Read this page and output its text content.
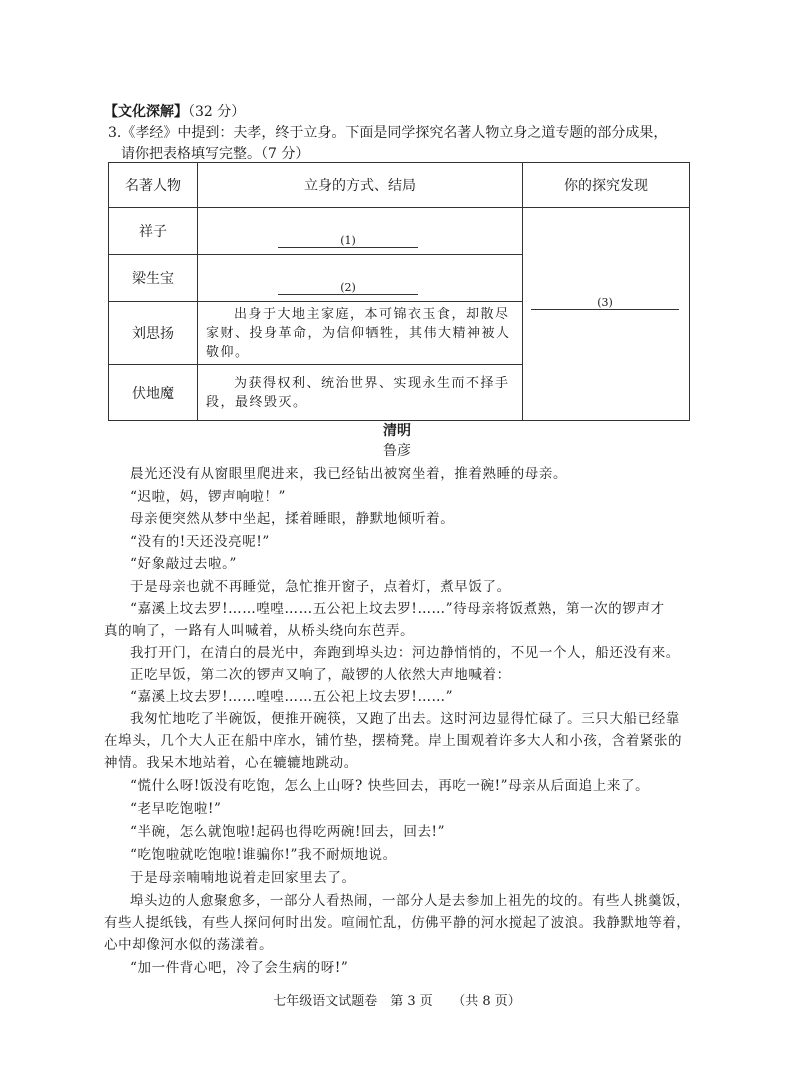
【文化深解】（32 分）
3.《孝经》中提到：夫孝，终于立身。下面是同学探究名著人物立身之道专题的部分成果，
请你把表格填写完整。（7 分）
名著人物	立身的方式、结局	你的探究发现
祥子	(1)	(3)

梁生宝	(2)	

刘思扬	出身于大地主家庭，本可锦衣玉食，却散尽家财、投身革命，为信仰牺牲，其伟大精神被人敬仰。	
伏地魔	为获得权利、统治世界、实现永生而不择手段，最终毁灭。	
清明
鲁彦

晨光还没有从窗眼里爬进来，我已经钻出被窝坐着，推着熟睡的母亲。

“迟啦，妈，锣声响啦！”

母亲便突然从梦中坐起，揉着睡眼，静默地倾听着。

“没有的!天还没亮呢!”

“好象敲过去啦。”

于是母亲也就不再睡觉，急忙推开窗子，点着灯，煮早饭了。

“嘉溪上坟去罗!……喤喤……五公祀上坟去罗!……”待母亲将饭煮熟，第一次的锣声才

真的响了，一路有人叫喊着，从桥头绕向东芭弄。

我打开门，在清白的晨光中，奔跑到埠头边：河边静悄悄的，不见一个人，船还没有来。

正吃早饭，第二次的锣声又响了，敲锣的人依然大声地喊着：

“嘉溪上坟去罗!……喤喤……五公祀上坟去罗!……”

我匆忙地吃了半碗饭，便推开碗筷，又跑了出去。这时河边显得忙碌了。三只大船已经靠

在埠头，几个大人正在船中庠水，铺竹垫，摆椅凳。岸上围观着许多大人和小孩，含着紧张的

神情。我呆木地站着，心在辘辘地跳动。

“慌什么呀!饭没有吃饱，怎么上山呀? 快些回去，再吃一碗!”母亲从后面追上来了。

“老早吃饱啦!”

“半碗，怎么就饱啦!起码也得吃两碗!回去，回去!”

“吃饱啦就吃饱啦!谁骗你!”我不耐烦地说。

于是母亲喃喃地说着走回家里去了。

埠头边的人愈聚愈多，一部分人看热闹，一部分人是去参加上祖先的坟的。有些人挑羹饭，

有些人提纸钱，有些人探问何时出发。喧闹忙乱，仿佛平静的河水搅起了波浪。我静默地等着，

心中却像河水似的荡漾着。

“加一件背心吧，冷了会生病的呀!”

七年级语文试题卷　第 3 页　　（共 8 页）
